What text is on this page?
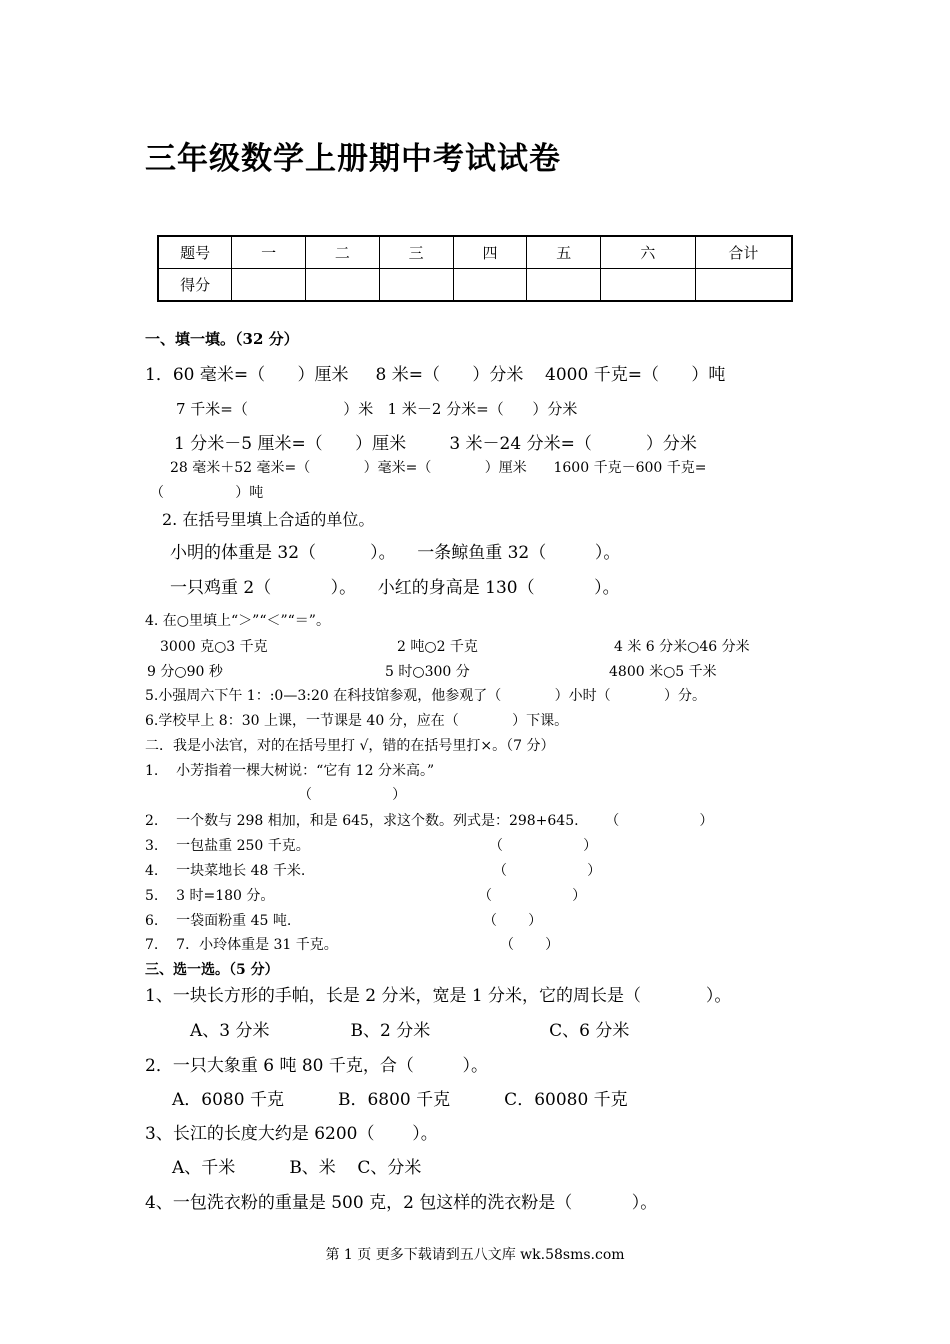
三年级数学上册期中考试试卷
题号	一	二	三	四	五	六	合计
得分							
一、填一填。（32 分）
1．60 毫米=（      ）厘米     8 米=（      ）分米    4000 千克=（      ）吨
7 千米=（                    ）米   1 米－2 分米=（      ）分米
1 分米－5 厘米=（      ）厘米        3 米－24 分米=（          ）分米
28 毫米＋52 毫米=（            ）毫米=（            ）厘米      1600 千克－600 千克=
（                ）吨
2. 在括号里填上合适的单位。
小明的体重是 32（          ）。    一条鲸鱼重 32（         ）。
一只鸡重 2（           ）。    小红的身高是 130（           ）。
4. 在○里填上“＞”“＜”“＝”。
3000 克○3 千克	2 吨○2 千克	4 米 6 分米○46 分米
9 分○90 秒	5 时○300 分	4800 米○5 千米
5.小强周六下午 1：:0—3:20 在科技馆参观，他参观了（            ）小时（            ）分。
6.学校早上 8：30 上课，一节课是 40 分，应在（            ）下课。
二．我是小法官，对的在括号里打 √，错的在括号里打×。（7 分）
1.    小芳指着一棵大树说：“它有 12 分米高。”
（                  ）
2.    一个数与 298 相加，和是 645，求这个数。列式是：298+645.      （                  ）
3.    一包盐重 250 千克。	（                  ）
4.    一块菜地长 48 千米.	（                  ）
5.    3 时=180 分。	（                  ）
6.    一袋面粉重 45 吨.	（       ）
7.    7．小玲体重是 31 千克。	（       ）
三、选一选。（5 分）
1、一块长方形的手帕，长是 2 分米，宽是 1 分米，它的周长是（            ）。
A、3 分米               B、2 分米                      C、6 分米
2．一只大象重 6 吨 80 千克，合（         ）。
A．6080 千克          B．6800 千克          C．60080 千克
3、长江的长度大约是 6200（       ）。
A、千米          B、米    C、分米
4、一包洗衣粉的重量是 500 克，2 包这样的洗衣粉是（           ）。
第 1 页 更多下载请到五八文库 wk.58sms.com
